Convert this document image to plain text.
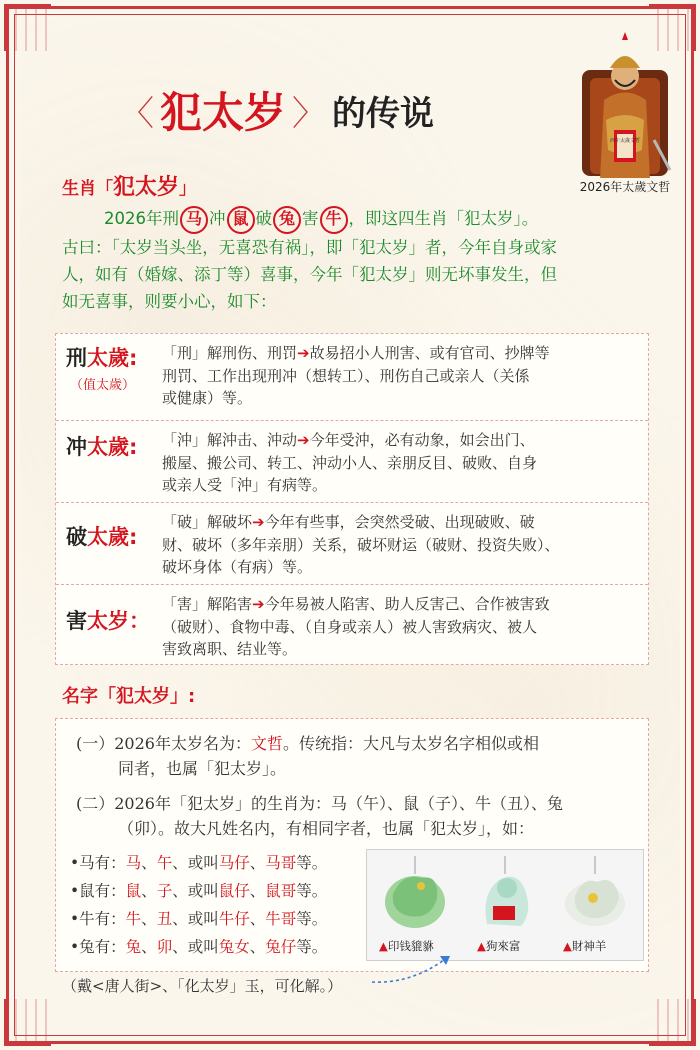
〈 犯太岁 〉 的传说
西午太歲文哲
2026年太歲文哲
生肖「犯太岁」

2026年刑 马 冲 鼠 破 兔 害 牛 ，即这四生肖「犯太岁」。

古曰：「太岁当头坐，无喜恐有祸」，即「犯太岁」者，今年自身或家

人，如有（婚嫁、添丁等）喜事，今年「犯太岁」则无坏事发生，但

如无喜事，则要小心，如下：

刑太歲:
（值太歲）
「刑」解刑伤、刑罚➔故易招小人刑害、或有官司、抄牌等
刑罚、工作出现刑冲（想转工）、刑伤自己或亲人（关係
或健康）等。
冲太歲: 「沖」解沖击、沖动➔今年受沖，必有动象，如会出门、
搬屋、搬公司、转工、沖动小人、亲朋反目、破败、自身
或亲人受「沖」有病等。
破太歲:
「破」解破坏➔今年有些事，会突然受破、出现破败、破
财、破坏（多年亲朋）关系，破坏财运（破财、投资失败）、
破坏身体（有病）等。
害太岁：
「害」解陷害➔今年易被人陷害、助人反害己、合作被害致
（破财）、食物中毒、（自身或亲人）被人害致病灾、被人
害致离职、结业等。
名字「犯太岁」:
(一）2026年太岁名为：文哲。传统指：大凡与太岁名字相似或相
同者，也属「犯太岁」。
(二）2026年「犯太岁」的生肖为：马（午）、鼠（子）、牛（丑）、兔
（卯）。故大凡姓名内，有相同字者，也属「犯太岁」，如：
•马有：马、午、或叫马仔、马哥等。
•鼠有：鼠、子、或叫鼠仔、鼠哥等。
•牛有：牛、丑、或叫牛仔、牛哥等。
•兔有：兔、卯、或叫兔女、兔仔等。	▲印钱貔貅	▲狗來富	▲財神羊
（戴<唐人街>、「化太岁」玉，可化解。）
